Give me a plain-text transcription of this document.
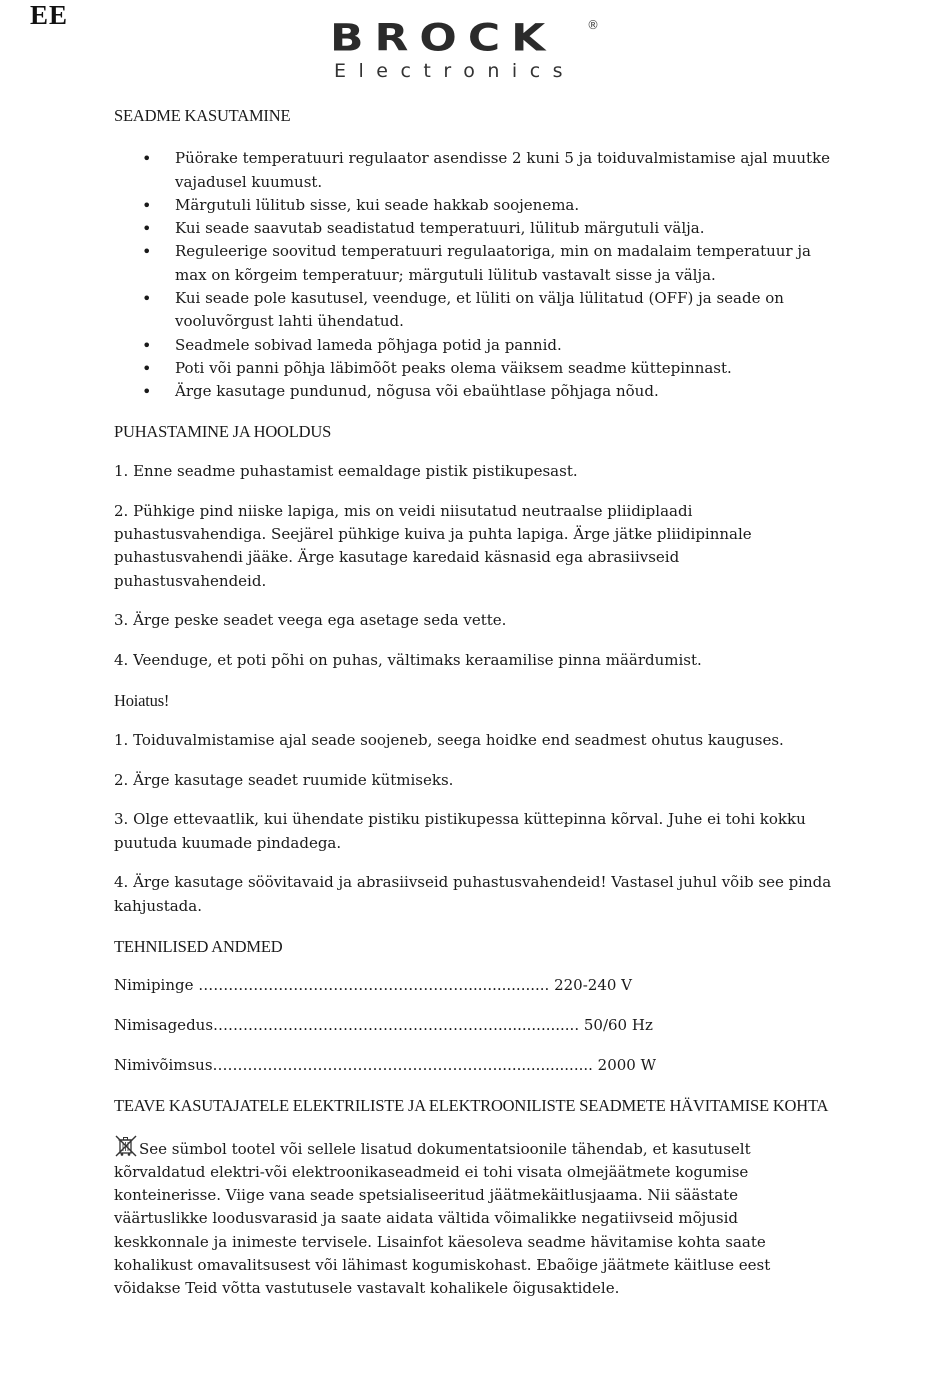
EE
BROCK	®
Electronics

SEADME KASUTAMINE

• Püörake temperatuuri regulaator asendisse 2 kuni 5 ja toiduvalmistamise ajal muutke vajadusel kuumust.
• Märgutuli lülitub sisse, kui seade hakkab soojenema.
• Kui seade saavutab seadistatud temperatuuri, lülitub märgutuli välja.
• Reguleerige soovitud temperatuuri regulaatoriga, min on madalaim temperatuur ja max on kõrgeim temperatuur; märgutuli lülitub vastavalt sisse ja välja.
• Kui seade pole kasutusel, veenduge, et lüliti on välja lülitatud (OFF) ja seade on vooluvõrgust lahti ühendatud.
• Seadmele sobivad lameda põhjaga potid ja pannid.
• Poti või panni põhja läbimõõt peaks olema väiksem seadme küttepinnast.
• Ärge kasutage pundunud, nõgusa või ebaühtlase põhjaga nõud.

PUHASTAMINE JA HOOLDUS

1. Enne seadme puhastamist eemaldage pistik pistikupesast.

2. Pühkige pind niiske lapiga, mis on veidi niisutatud neutraalse pliidiplaadi puhastusvahendiga. Seejärel pühkige kuiva ja puhta lapiga. Ärge jätke pliidipinnale puhastusvahendi jääke. Ärge kasutage karedaid käsnasid ega abrasiivseid puhastusvahendeid.

3. Ärge peske seadet veega ega asetage seda vette.

4. Veenduge, et poti põhi on puhas, vältimaks keraamilise pinna määrdumist.

Hoiatus!

1. Toiduvalmistamise ajal seade soojeneb, seega hoidke end seadmest ohutus kauguses.

2. Ärge kasutage seadet ruumide kütmiseks.

3. Olge ettevaatlik, kui ühendate pistiku pistikupessa küttepinna kõrval. Juhe ei tohi kokku puutuda kuumade pindadega.

4. Ärge kasutage söövitavaid ja abrasiivseid puhastusvahendeid! Vastasel juhul võib see pinda kahjustada.

TEHNILISED ANDMED

Nimipinge ………………………………………………................. 220-240 V

Nimisagedus…………………………………………………................. 50/60 Hz

Nimivõimsus………………………………………………….................... 2000 W

TEAVE KASUTAJATELE ELEKTRILISTE JA ELEKTROONILISTE SEADMETE HÄVITAMISE KOHTA

See sümbol tootel või sellele lisatud dokumentatsioonile tähendab, et kasutuselt kõrvaldatud elektri-või elektroonikaseadmeid ei tohi visata olmejäätmete kogumise konteinerisse. Viige vana seade spetsialiseeritud jäätmekäitlusjaama. Nii säästate väärtuslikke loodusvarasid ja saate aidata vältida võimalikke negatiivseid mõjusid keskkonnale ja inimeste tervisele. Lisainfot käesoleva seadme hävitamise kohta saate kohalikust omavalitsusest või lähimast kogumiskohast. Ebaõige jäätmete käitluse eest võidakse Teid võtta vastutusele vastavalt kohalikele õigusaktidele.
